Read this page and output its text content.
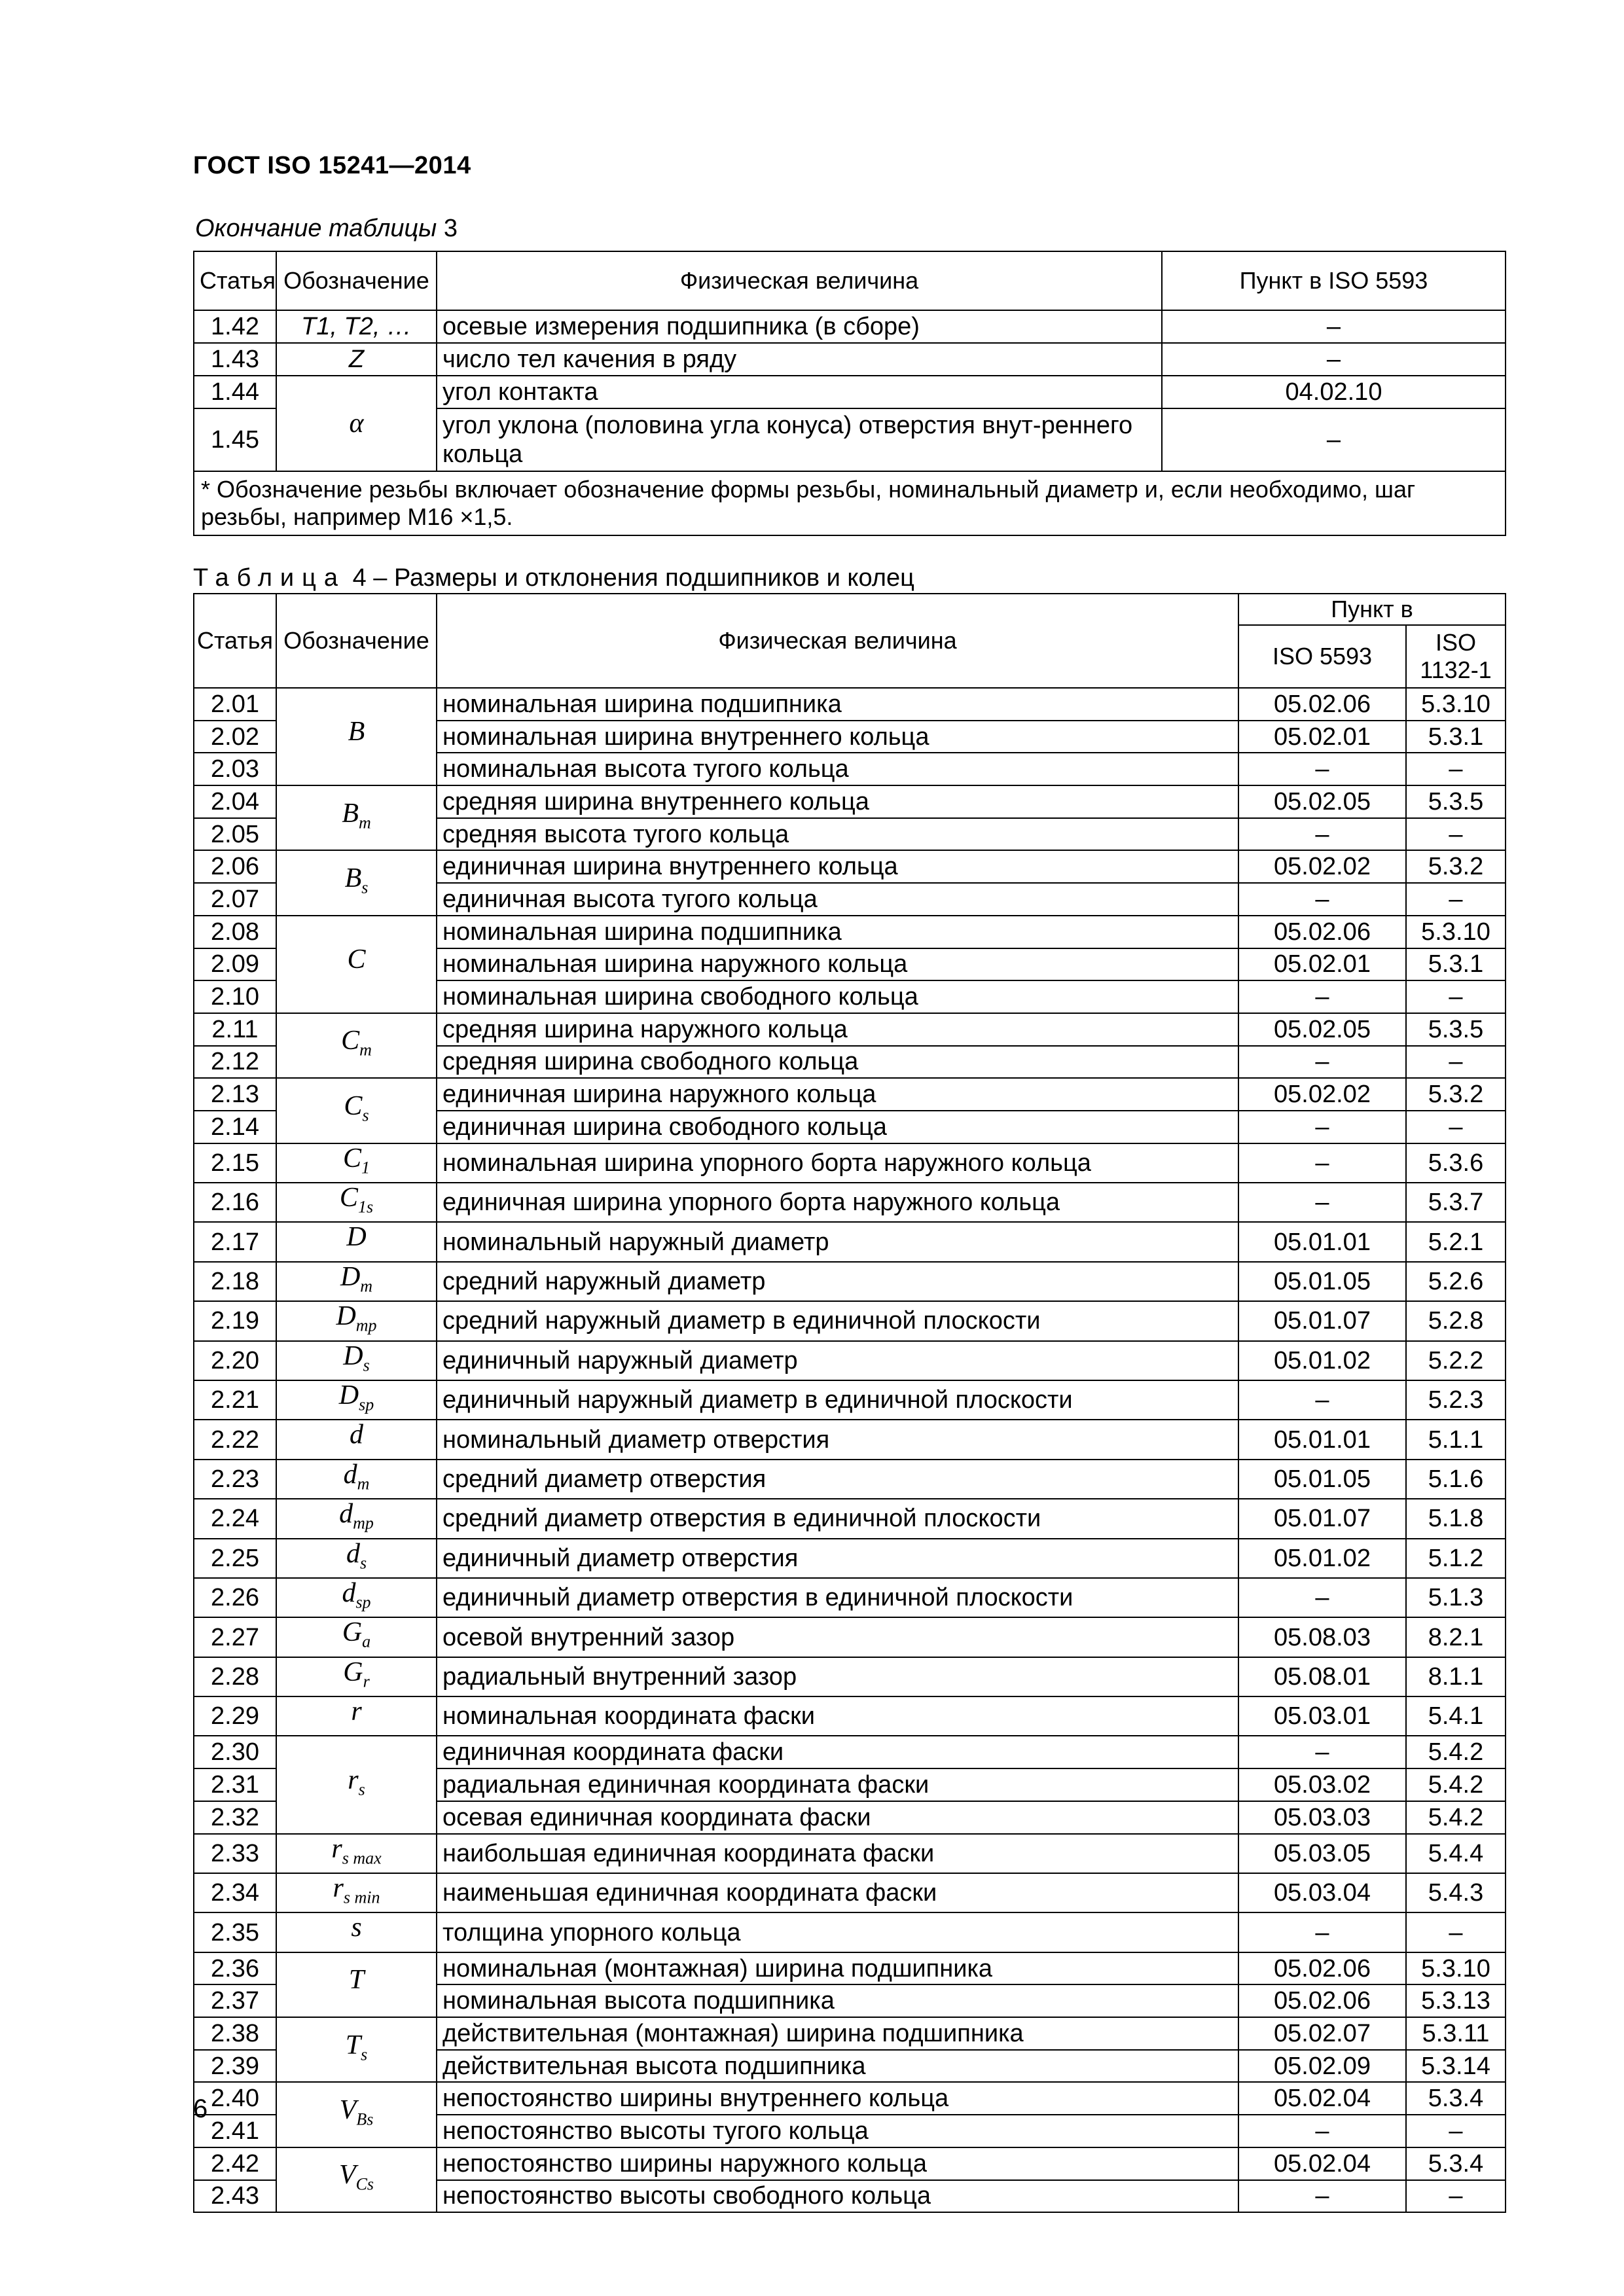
ГОСТ ISO 15241—2014
Окончание таблицы 3
Статья	Обозначение	Физическая величина	Пункт в ISO 5593
1.42	T1, T2, …	осевые измерения подшипника (в сборе)	–
1.43	Z	число тел качения в ряду	–
1.44	α	угол контакта	04.02.10
1.45		угол уклона (половина угла конуса) отверстия внут-реннего кольца	–
* Обозначение резьбы включает обозначение формы резьбы, номинальный диаметр и, если необходимо, шаг резьбы, например M16 ×1,5.			
Таблица 4 – Размеры и отклонения подшипников и колец
Статья	Обозначение	Физическая величина	Пункт в	
			ISO 5593	ISO 1132-1
2.01	B	номинальная ширина подшипника	05.02.06	5.3.10
2.02		номинальная ширина внутреннего кольца	05.02.01	5.3.1
2.03		номинальная высота тугого кольца	–	–
2.04	$B_m$	средняя ширина внутреннего кольца	05.02.05	5.3.5
2.05		средняя высота тугого кольца	–	–
2.06	$B_s$	единичная ширина внутреннего кольца	05.02.02	5.3.2
2.07		единичная высота тугого кольца	–	–
2.08	C	номинальная ширина подшипника	05.02.06	5.3.10
2.09		номинальная ширина наружного кольца	05.02.01	5.3.1
2.10		номинальная ширина свободного кольца	–	–
2.11	$C_m$	средняя ширина наружного кольца	05.02.05	5.3.5
2.12		средняя ширина свободного кольца	–	–
2.13	$C_s$	единичная ширина наружного кольца	05.02.02	5.3.2
2.14		единичная ширина свободного кольца	–	–
2.15	$C_1$	номинальная ширина упорного борта наружного кольца	–	5.3.6
2.16	$C_{1s}$	единичная ширина упорного борта наружного кольца	–	5.3.7
2.17	D	номинальный наружный диаметр	05.01.01	5.2.1
2.18	$D_m$	средний наружный диаметр	05.01.05	5.2.6
2.19	$D_{mp}$	средний наружный диаметр в единичной плоскости	05.01.07	5.2.8
2.20	$D_s$	единичный наружный диаметр	05.01.02	5.2.2
2.21	$D_{sp}$	единичный наружный диаметр в единичной плоскости	–	5.2.3
2.22	d	номинальный диаметр отверстия	05.01.01	5.1.1
2.23	$d_m$	средний диаметр отверстия	05.01.05	5.1.6
2.24	$d_{mp}$	средний диаметр отверстия в единичной плоскости	05.01.07	5.1.8
2.25	$d_s$	единичный диаметр отверстия	05.01.02	5.1.2
2.26	$d_{sp}$	единичный диаметр отверстия в единичной плоскости	–	5.1.3
2.27	$G_a$	осевой внутренний зазор	05.08.03	8.2.1
2.28	$G_r$	радиальный внутренний зазор	05.08.01	8.1.1
2.29	r	номинальная координата фаски	05.03.01	5.4.1
2.30	$r_s$	единичная координата фаски	–	5.4.2
2.31		радиальная единичная координата фаски	05.03.02	5.4.2
2.32		осевая единичная координата фаски	05.03.03	5.4.2
2.33	$r_{s max}$	наибольшая единичная координата фаски	05.03.05	5.4.4
2.34	$r_{s min}$	наименьшая единичная координата фаски	05.03.04	5.4.3
2.35	s	толщина упорного кольца	–	–
2.36	T	номинальная (монтажная) ширина подшипника	05.02.06	5.3.10
2.37		номинальная высота подшипника	05.02.06	5.3.13
2.38	$T_s$	действительная (монтажная) ширина подшипника	05.02.07	5.3.11
2.39		действительная высота подшипника	05.02.09	5.3.14
2.40	$V_{Bs}$	непостоянство ширины внутреннего кольца	05.02.04	5.3.4
2.41		непостоянство высоты тугого кольца	–	–
2.42	$V_{Cs}$	непостоянство ширины наружного кольца	05.02.04	5.3.4
2.43		непостоянство высоты свободного кольца	–	–
6
